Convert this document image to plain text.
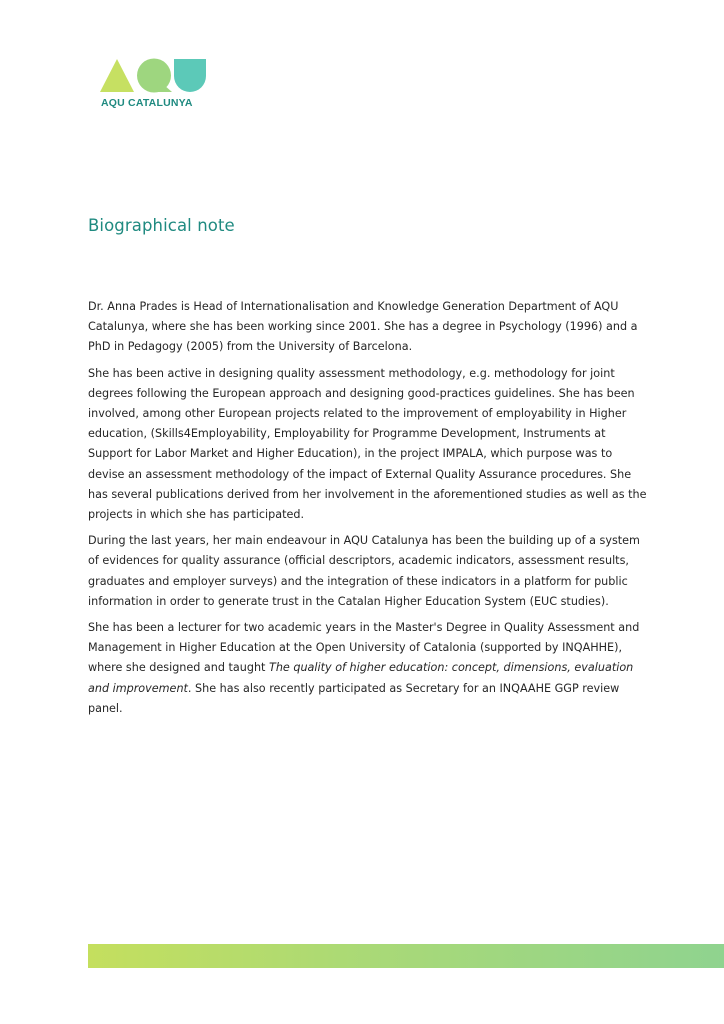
AQU CATALUNYA
Biographical note

Dr. Anna Prades is Head of Internationalisation and Knowledge Generation Department of AQU Catalunya, where she has been working since 2001. She has a degree in Psychology (1996) and a PhD in Pedagogy (2005) from the University of Barcelona.

She has been active in designing quality assessment methodology, e.g. methodology for joint degrees following the European approach and designing good-practices guidelines. She has been involved, among other European projects related to the improvement of employability in Higher education, (Skills4Employability, Employability for Programme Development, Instruments at Support for Labor Market and Higher Education), in the project IMPALA, which purpose was to devise an assessment methodology of the impact of External Quality Assurance procedures. She has several publications derived from her involvement in the aforementioned studies as well as the projects in which she has participated.

During the last years, her main endeavour in AQU Catalunya has been the building up of a system of evidences for quality assurance (official descriptors, academic indicators, assessment results, graduates and employer surveys) and the integration of these indicators in a platform for public information in order to generate trust in the Catalan Higher Education System (EUC studies).

She has been a lecturer for two academic years in the Master's Degree in Quality Assessment and Management in Higher Education at the Open University of Catalonia (supported by INQAHHE), where she designed and taught The quality of higher education: concept, dimensions, evaluation and improvement. She has also recently participated as Secretary for an INQAAHE GGP review panel.
